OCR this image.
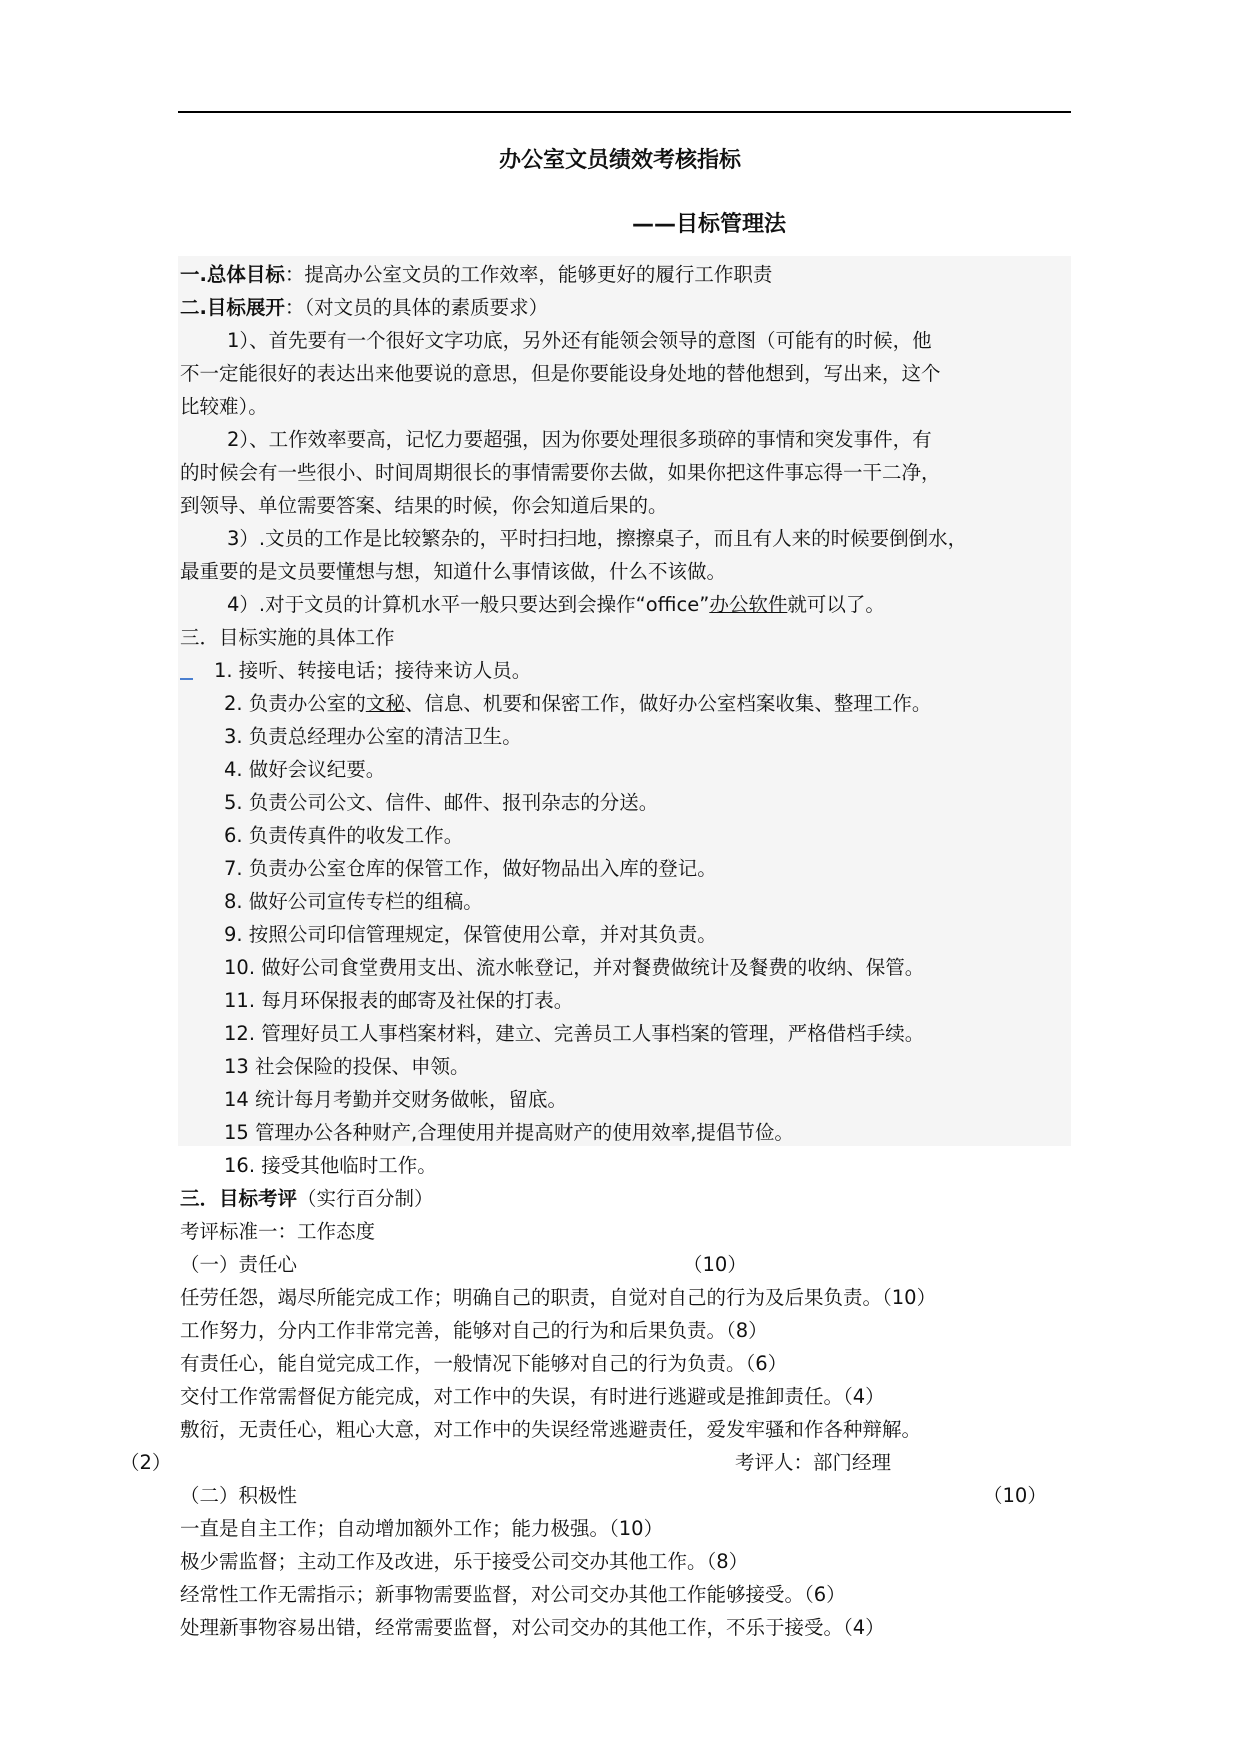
办公室文员绩效考核指标
——目标管理法
一.总体目标：提高办公室文员的工作效率，能够更好的履行工作职责
二.目标展开：（对文员的具体的素质要求）
1）、首先要有一个很好文字功底，另外还有能领会领导的意图（可能有的时候，他
不一定能很好的表达出来他要说的意思，但是你要能设身处地的替他想到，写出来，这个
比较难）。
2）、工作效率要高，记忆力要超强，因为你要处理很多琐碎的事情和突发事件，有
的时候会有一些很小、时间周期很长的事情需要你去做，如果你把这件事忘得一干二净，
到领导、单位需要答案、结果的时候，你会知道后果的。
3）.文员的工作是比较繁杂的，平时扫扫地，擦擦桌子，而且有人来的时候要倒倒水，
最重要的是文员要懂想与想，知道什么事情该做，什么不该做。
4）.对于文员的计算机水平一般只要达到会操作“office”办公软件就可以了。
三．目标实施的具体工作
1. 接听、转接电话；接待来访人员。
2. 负责办公室的文秘、信息、机要和保密工作，做好办公室档案收集、整理工作。
3. 负责总经理办公室的清洁卫生。
4. 做好会议纪要。
5. 负责公司公文、信件、邮件、报刊杂志的分送。
6. 负责传真件的收发工作。
7. 负责办公室仓库的保管工作，做好物品出入库的登记。
8. 做好公司宣传专栏的组稿。
9. 按照公司印信管理规定，保管使用公章，并对其负责。
10. 做好公司食堂费用支出、流水帐登记，并对餐费做统计及餐费的收纳、保管。
11. 每月环保报表的邮寄及社保的打表。
12. 管理好员工人事档案材料，建立、完善员工人事档案的管理，严格借档手续。
13 社会保险的投保、申领。
14 统计每月考勤并交财务做帐，留底。
15 管理办公各种财产,合理使用并提高财产的使用效率,提倡节俭。
16. 接受其他临时工作。
三．目标考评（实行百分制）
考评标准一：工作态度
（一）责任心	（10）
任劳任怨，竭尽所能完成工作；明确自己的职责，自觉对自己的行为及后果负责。（10）
工作努力，分内工作非常完善，能够对自己的行为和后果负责。（8）
有责任心，能自觉完成工作，一般情况下能够对自己的行为负责。（6）
交付工作常需督促方能完成，对工作中的失误，有时进行逃避或是推卸责任。（4）
敷衍，无责任心，粗心大意，对工作中的失误经常逃避责任，爱发牢骚和作各种辩解。
（2）	考评人：部门经理
（二）积极性	（10）
一直是自主工作；自动增加额外工作；能力极强。（10）
极少需监督；主动工作及改进，乐于接受公司交办其他工作。（8）
经常性工作无需指示；新事物需要监督，对公司交办其他工作能够接受。（6）
处理新事物容易出错，经常需要监督，对公司交办的其他工作，不乐于接受。（4）
